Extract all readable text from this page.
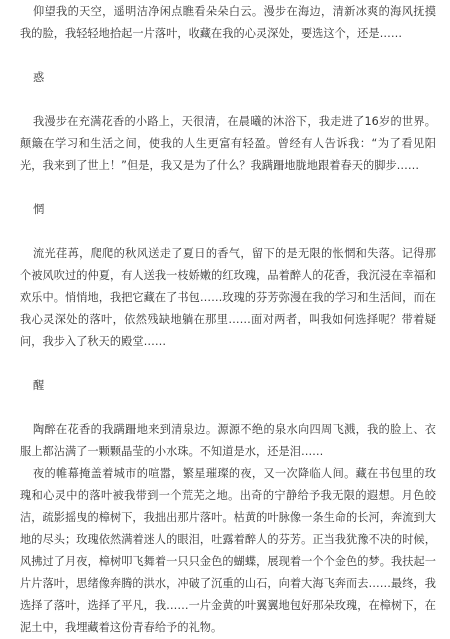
仰望我的天空，遥明洁净闲点瞧看朵朵白云。漫步在海边，清新冰爽的海风抚摸我的脸，我轻轻地拾起一片落叶，收藏在我的心灵深处，要选这个，还是……

惑

我漫步在充满花香的小路上，天很清，在晨曦的沐浴下，我走进了16岁的世界。颠簸在学习和生活之间，使我的人生更富有轻盈。曾经有人告诉我：“为了看见阳光，我来到了世上！”但是，我又是为了什么？我蹒跚地胧地跟着春天的脚步……

惘

流光荏苒，爬爬的秋风送走了夏日的香气，留下的是无限的怅惘和失落。记得那个被风吹过的仲夏，有人送我一枝娇嫩的红玫瑰，品着醉人的花香，我沉浸在幸福和欢乐中。悄悄地，我把它藏在了书包……玫瑰的芬芳弥漫在我的学习和生活间，而在我心灵深处的落叶，依然残缺地躺在那里……面对两者，叫我如何选择呢？带着疑问，我步入了秋天的殿堂……

醒

陶醉在花香的我蹒跚地来到清泉边。源源不绝的泉水向四周飞溅，我的脸上、衣服上都沾满了一颗颗晶莹的小水珠。不知道是水，还是泪……

夜的帷幕掩盖着城市的喧嚣，繁星璀璨的夜，又一次降临人间。藏在书包里的玫瑰和心灵中的落叶被我带到一个荒芜之地。出奇的宁静给予我无限的遐想。月色皎洁，疏影摇曳的樟树下，我拙出那片落叶。枯黄的叶脉像一条生命的长河，奔流到大地的尽头；玫瑰依然满着迷人的眼泪，吐露着醉人的芬芳。正当我犹豫不决的时候，风拂过了月夜，樟树叩飞舞着一只只金色的蝴蝶，展现着一个个金色的梦。我扶起一片片落叶，思绪像奔腾的洪水，冲破了沉重的山石，向着大海飞奔而去……最终，我选择了落叶，选择了平凡，我……一片金黄的叶翼翼地包好那朵玫瑰，在樟树下，在泥土中，我埋藏着这份青春给予的礼物。
